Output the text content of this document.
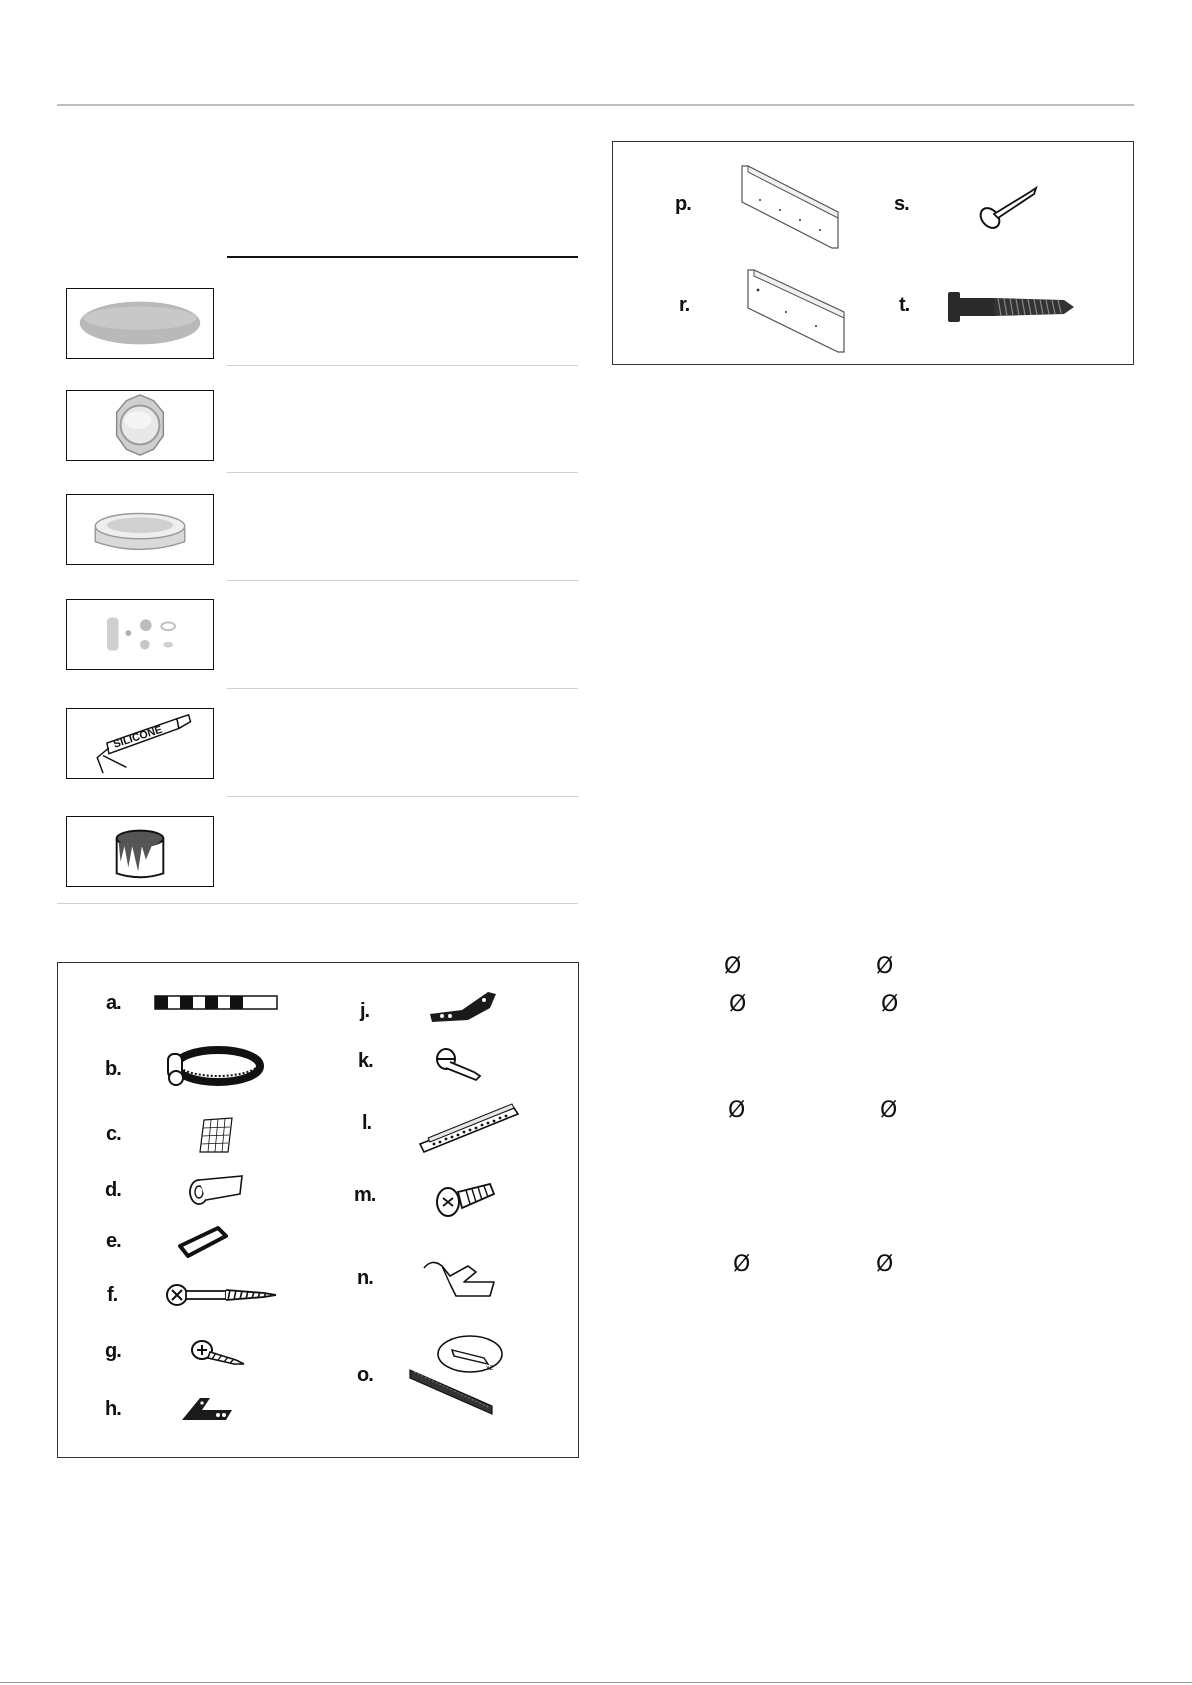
SILICONE
a.
b.
c.
d.
e.
f.
g.
h.
j.
k.
l.
m.
n.
o.	x2
p.	s.
r.	t.
Ø	Ø
Ø	Ø
Ø	Ø
Ø	Ø
